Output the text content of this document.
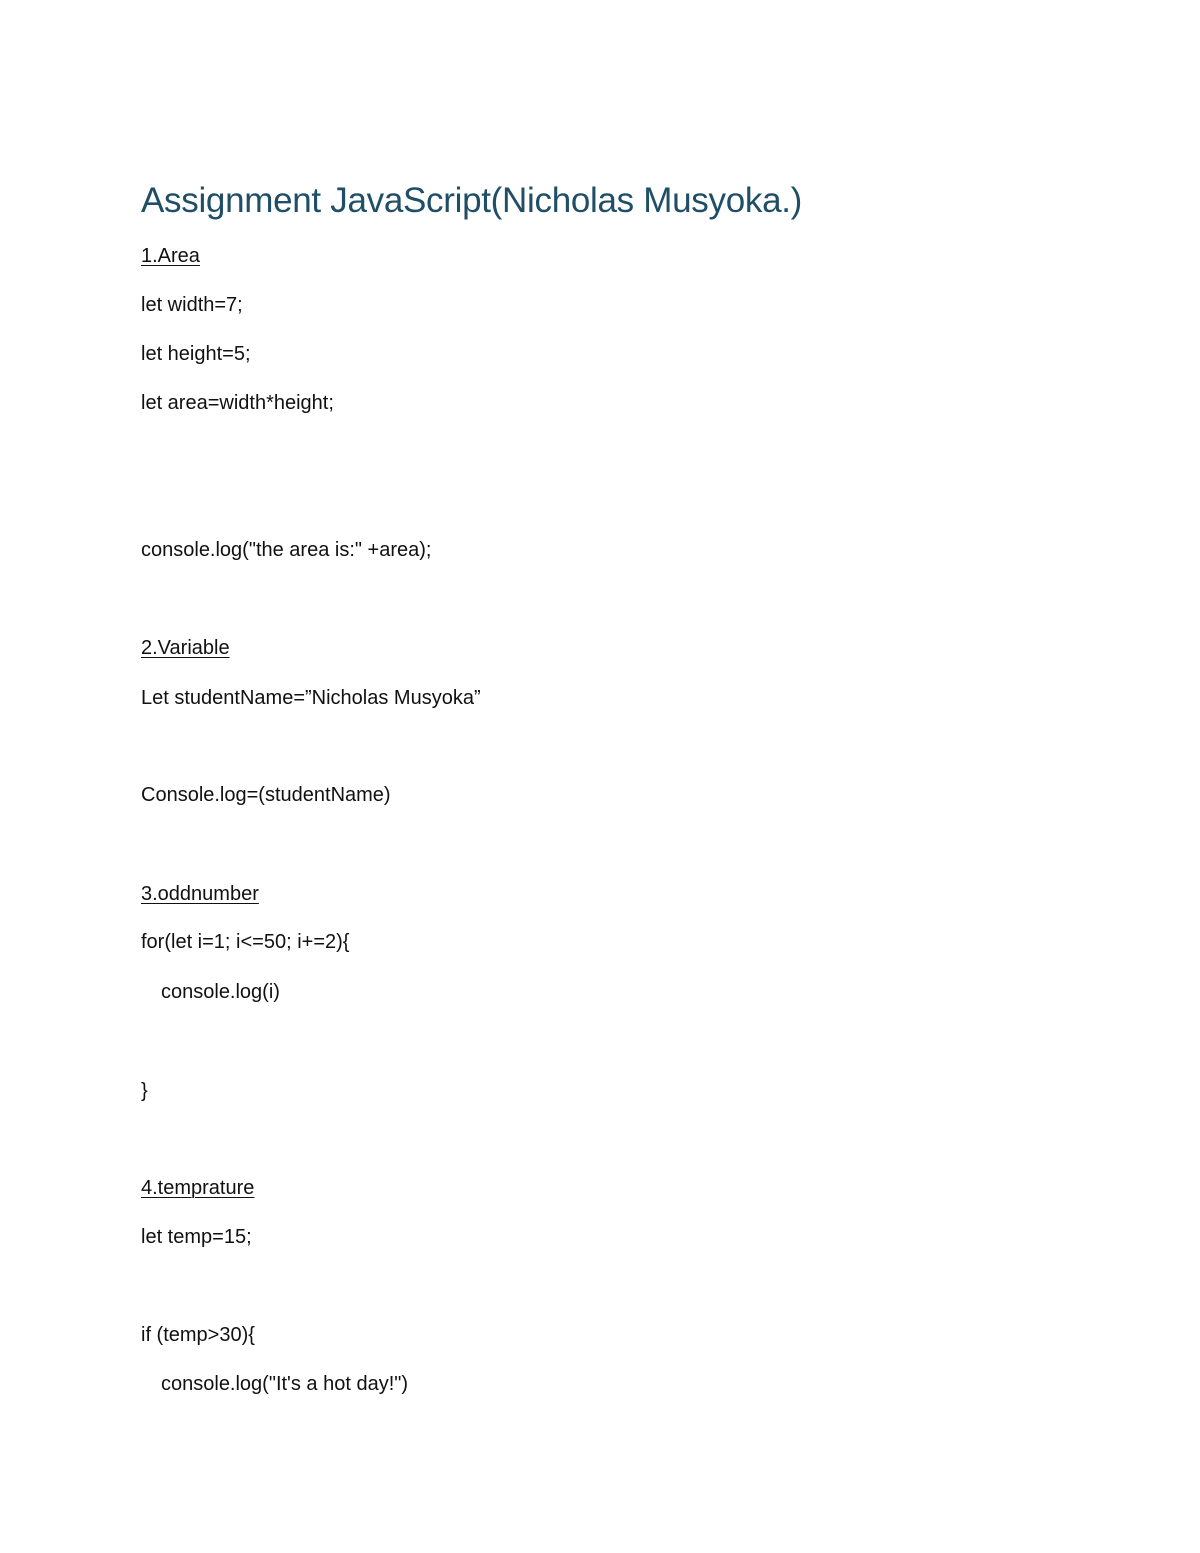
Assignment JavaScript(Nicholas Musyoka.)

1.Area

let width=7;

let height=5;

let area=width*height;

console.log("the area is:" +area);

2.Variable

Let studentName=”Nicholas Musyoka”

Console.log=(studentName)

3.oddnumber

for(let i=1; i<=50; i+=2){

console.log(i)

}

4.temprature

let temp=15;

if (temp>30){

console.log("It's a hot day!")
